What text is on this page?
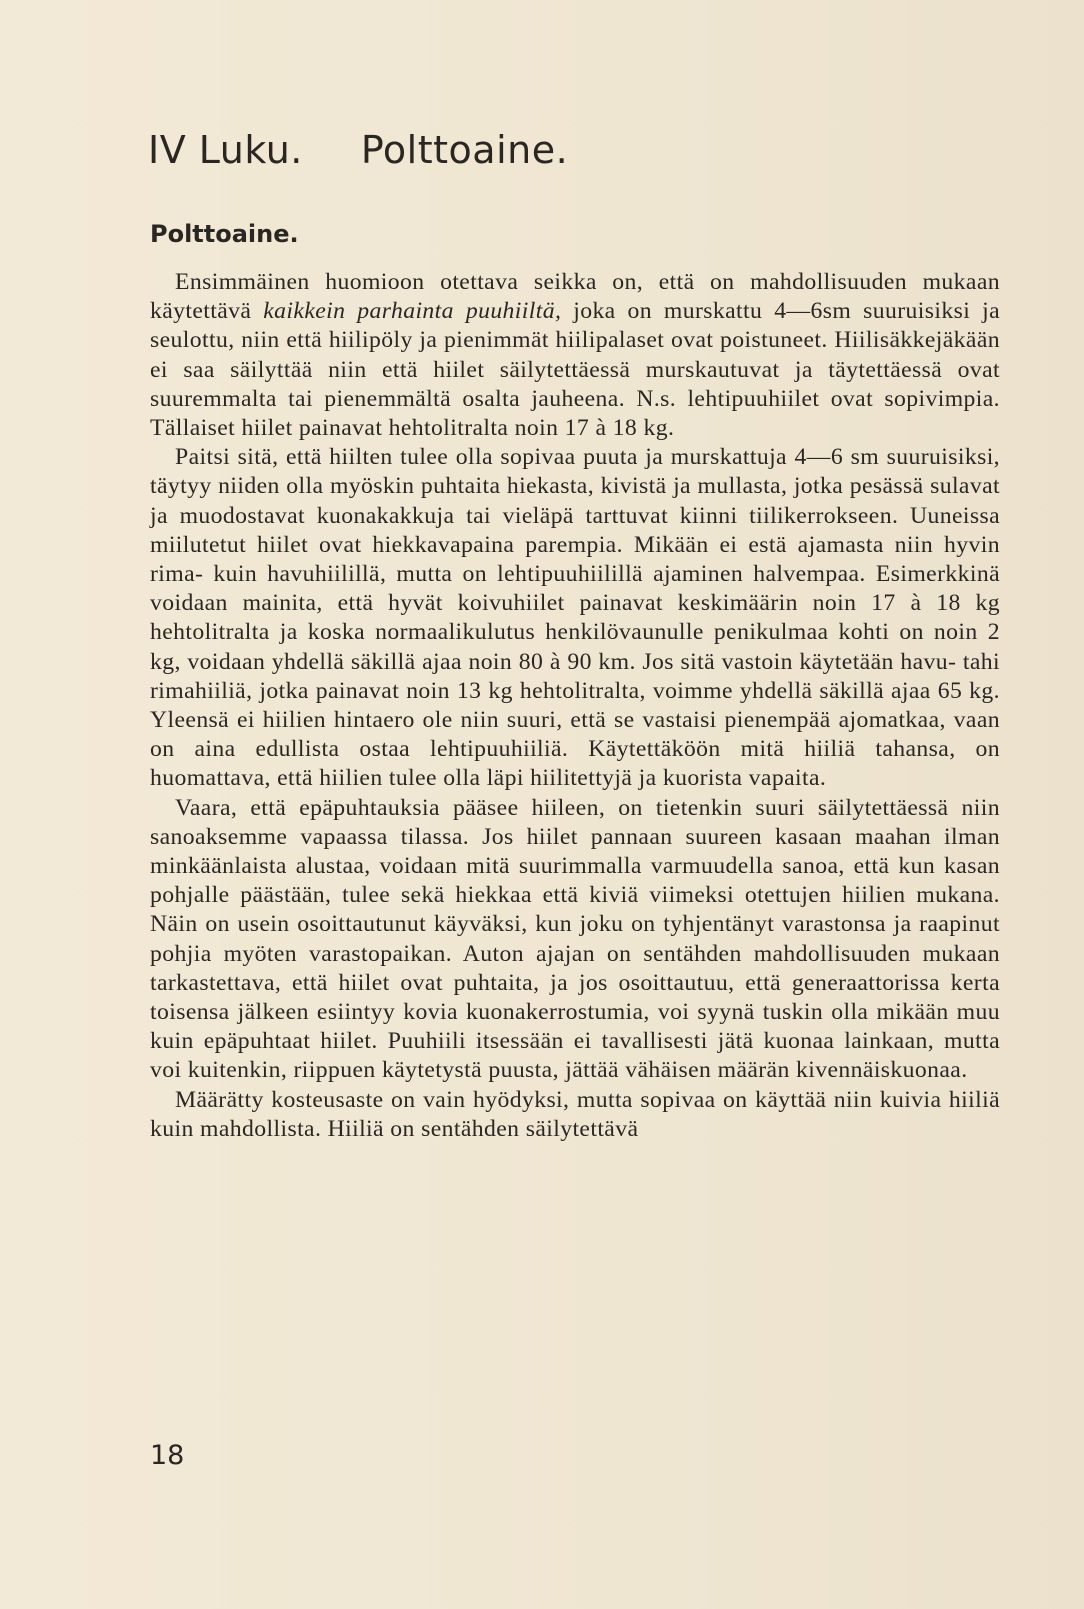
IV Luku. Polttoaine.
Polttoaine.

Ensimmäinen huomioon otettava seikka on, että on mahdollisuuden mukaan käytettävä kaikkein parhainta puuhiiltä, joka on murskattu 4—6sm suuruisiksi ja seulottu, niin että hiilipöly ja pienimmät hiilipalaset ovat poistuneet. Hiilisäkkejäkään ei saa säilyttää niin että hiilet säilytettäessä murskautuvat ja täytettäessä ovat suuremmalta tai pienemmältä osalta jauheena. N.s. lehtipuuhiilet ovat sopivimpia. Tällaiset hiilet painavat hehtolitralta noin 17 à 18 kg.

Paitsi sitä, että hiilten tulee olla sopivaa puuta ja murskattuja 4—6 sm suuruisiksi, täytyy niiden olla myöskin puhtaita hiekasta, kivistä ja mullasta, jotka pesässä sulavat ja muodostavat kuonakakkuja tai vieläpä tarttuvat kiinni tiilikerrokseen. Uuneissa miilutetut hiilet ovat hiekkavapaina parempia. Mikään ei estä ajamasta niin hyvin rima- kuin havuhiilillä, mutta on lehtipuuhiilillä ajaminen halvempaa. Esimerkkinä voidaan mainita, että hyvät koivuhiilet painavat keskimäärin noin 17 à 18 kg hehtolitralta ja koska normaalikulutus henkilövaunulle penikulmaa kohti on noin 2 kg, voidaan yhdellä säkillä ajaa noin 80 à 90 km. Jos sitä vastoin käytetään havu- tahi rimahiiliä, jotka painavat noin 13 kg hehtolitralta, voimme yhdellä säkillä ajaa 65 kg. Yleensä ei hiilien hintaero ole niin suuri, että se vastaisi pienempää ajomatkaa, vaan on aina edullista ostaa lehtipuuhiiliä. Käytettäköön mitä hiiliä tahansa, on huomattava, että hiilien tulee olla läpi hiilitettyjä ja kuorista vapaita.

Vaara, että epäpuhtauksia pääsee hiileen, on tietenkin suuri säilytettäessä niin sanoaksemme vapaassa tilassa. Jos hiilet pannaan suureen kasaan maahan ilman minkäänlaista alustaa, voidaan mitä suurimmalla varmuudella sanoa, että kun kasan pohjalle päästään, tulee sekä hiekkaa että kiviä viimeksi otettujen hiilien mukana. Näin on usein osoittautunut käyväksi, kun joku on tyhjentänyt varastonsa ja raapinut pohjia myöten varastopaikan. Auton ajajan on sentähden mahdollisuuden mukaan tarkastettava, että hiilet ovat puhtaita, ja jos osoittautuu, että generaattorissa kerta toisensa jälkeen esiintyy kovia kuonakerrostumia, voi syynä tuskin olla mikään muu kuin epäpuhtaat hiilet. Puuhiili itsessään ei tavallisesti jätä kuonaa lainkaan, mutta voi kuitenkin, riippuen käytetystä puusta, jättää vähäisen määrän kivennäiskuonaa.

Määrätty kosteusaste on vain hyödyksi, mutta sopivaa on käyttää niin kuivia hiiliä kuin mahdollista. Hiiliä on sentähden säilytettävä

18
